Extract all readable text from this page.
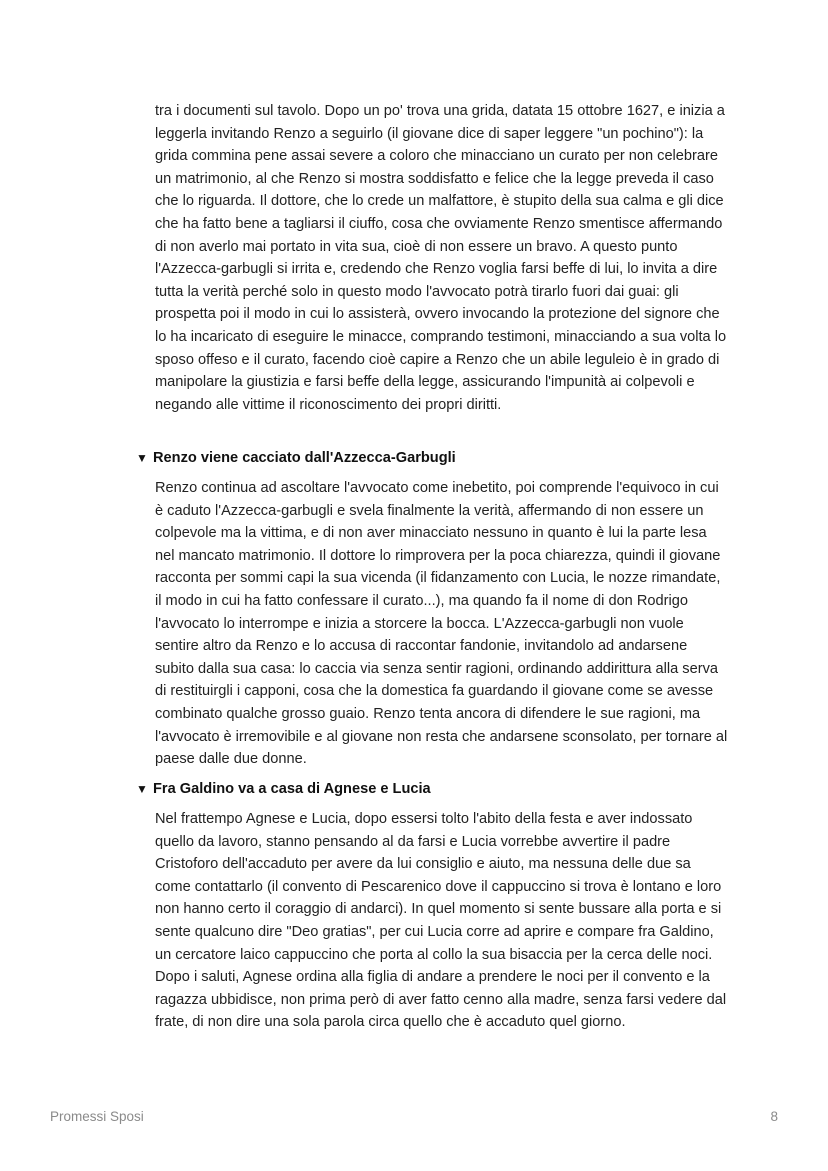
tra i documenti sul tavolo. Dopo un po' trova una grida, datata 15 ottobre 1627, e inizia a leggerla invitando Renzo a seguirlo (il giovane dice di saper leggere "un pochino"): la grida commina pene assai severe a coloro che minacciano un curato per non celebrare un matrimonio, al che Renzo si mostra soddisfatto e felice che la legge preveda il caso che lo riguarda. Il dottore, che lo crede un malfattore, è stupito della sua calma e gli dice che ha fatto bene a tagliarsi il ciuffo, cosa che ovviamente Renzo smentisce affermando di non averlo mai portato in vita sua, cioè di non essere un bravo. A questo punto l'Azzecca-garbugli si irrita e, credendo che Renzo voglia farsi beffe di lui, lo invita a dire tutta la verità perché solo in questo modo l'avvocato potrà tirarlo fuori dai guai: gli prospetta poi il modo in cui lo assisterà, ovvero invocando la protezione del signore che lo ha incaricato di eseguire le minacce, comprando testimoni, minacciando a sua volta lo sposo offeso e il curato, facendo cioè capire a Renzo che un abile leguleio è in grado di manipolare la giustizia e farsi beffe della legge, assicurando l'impunità ai colpevoli e negando alle vittime il riconoscimento dei propri diritti.

▼ Renzo viene cacciato dall'Azzecca-Garbugli

Renzo continua ad ascoltare l'avvocato come inebetito, poi comprende l'equivoco in cui è caduto l'Azzecca-garbugli e svela finalmente la verità, affermando di non essere un colpevole ma la vittima, e di non aver minacciato nessuno in quanto è lui la parte lesa nel mancato matrimonio. Il dottore lo rimprovera per la poca chiarezza, quindi il giovane racconta per sommi capi la sua vicenda (il fidanzamento con Lucia, le nozze rimandate, il modo in cui ha fatto confessare il curato...), ma quando fa il nome di don Rodrigo l'avvocato lo interrompe e inizia a storcere la bocca. L'Azzecca-garbugli non vuole sentire altro da Renzo e lo accusa di raccontar fandonie, invitandolo ad andarsene subito dalla sua casa: lo caccia via senza sentir ragioni, ordinando addirittura alla serva di restituirgli i capponi, cosa che la domestica fa guardando il giovane come se avesse combinato qualche grosso guaio. Renzo tenta ancora di difendere le sue ragioni, ma l'avvocato è irremovibile e al giovane non resta che andarsene sconsolato, per tornare al paese dalle due donne.

▼ Fra Galdino va a casa di Agnese e Lucia

Nel frattempo Agnese e Lucia, dopo essersi tolto l'abito della festa e aver indossato quello da lavoro, stanno pensando al da farsi e Lucia vorrebbe avvertire il padre Cristoforo dell'accaduto per avere da lui consiglio e aiuto, ma nessuna delle due sa come contattarlo (il convento di Pescarenico dove il cappuccino si trova è lontano e loro non hanno certo il coraggio di andarci). In quel momento si sente bussare alla porta e si sente qualcuno dire "Deo gratias", per cui Lucia corre ad aprire e compare fra Galdino, un cercatore laico cappuccino che porta al collo la sua bisaccia per la cerca delle noci. Dopo i saluti, Agnese ordina alla figlia di andare a prendere le noci per il convento e la ragazza ubbidisce, non prima però di aver fatto cenno alla madre, senza farsi vedere dal frate, di non dire una sola parola circa quello che è accaduto quel giorno.

Promessi Sposi	8
